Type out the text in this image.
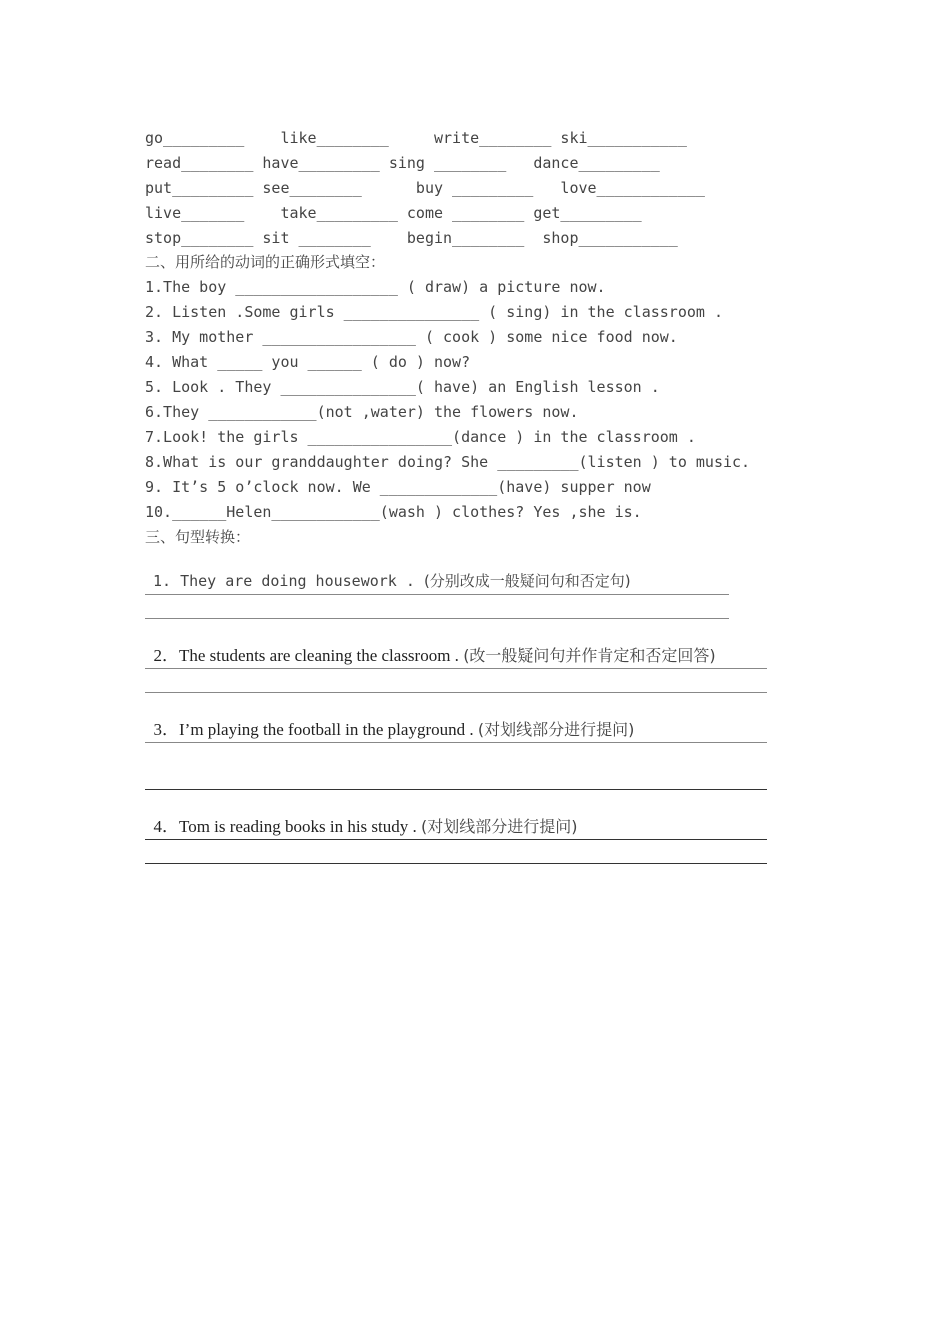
go_________    like________     write________ ski___________
read________ have_________ sing ________   dance_________
put_________ see________      buy _________   love____________
live_______    take_________ come ________ get_________
stop________ sit ________    begin________  shop___________
二、用所给的动词的正确形式填空：
1.The boy __________________ ( draw) a picture now.
2. Listen .Some girls _______________ ( sing) in the classroom .
3. My mother _________________ ( cook ) some nice food now.
4. What _____ you ______ ( do ) now?
5. Look . They _______________( have) an English lesson .
6.They ____________(not ,water) the flowers now.
7.Look! the girls ________________(dance ) in the classroom .
8.What is our granddaughter doing? She _________(listen ) to music.
9. It’s 5 o’clock now. We _____________(have) supper now
10.______Helen____________(wash ) clothes? Yes ,she is.
三、句型转换：

1. They are doing housework . (分别改成一般疑问句和否定句)

2．The students are cleaning the classroom . (改一般疑问句并作肯定和否定回答)

3．I’m playing the football in the playground . (对划线部分进行提问)

4．Tom is reading books in his study . (对划线部分进行提问)
